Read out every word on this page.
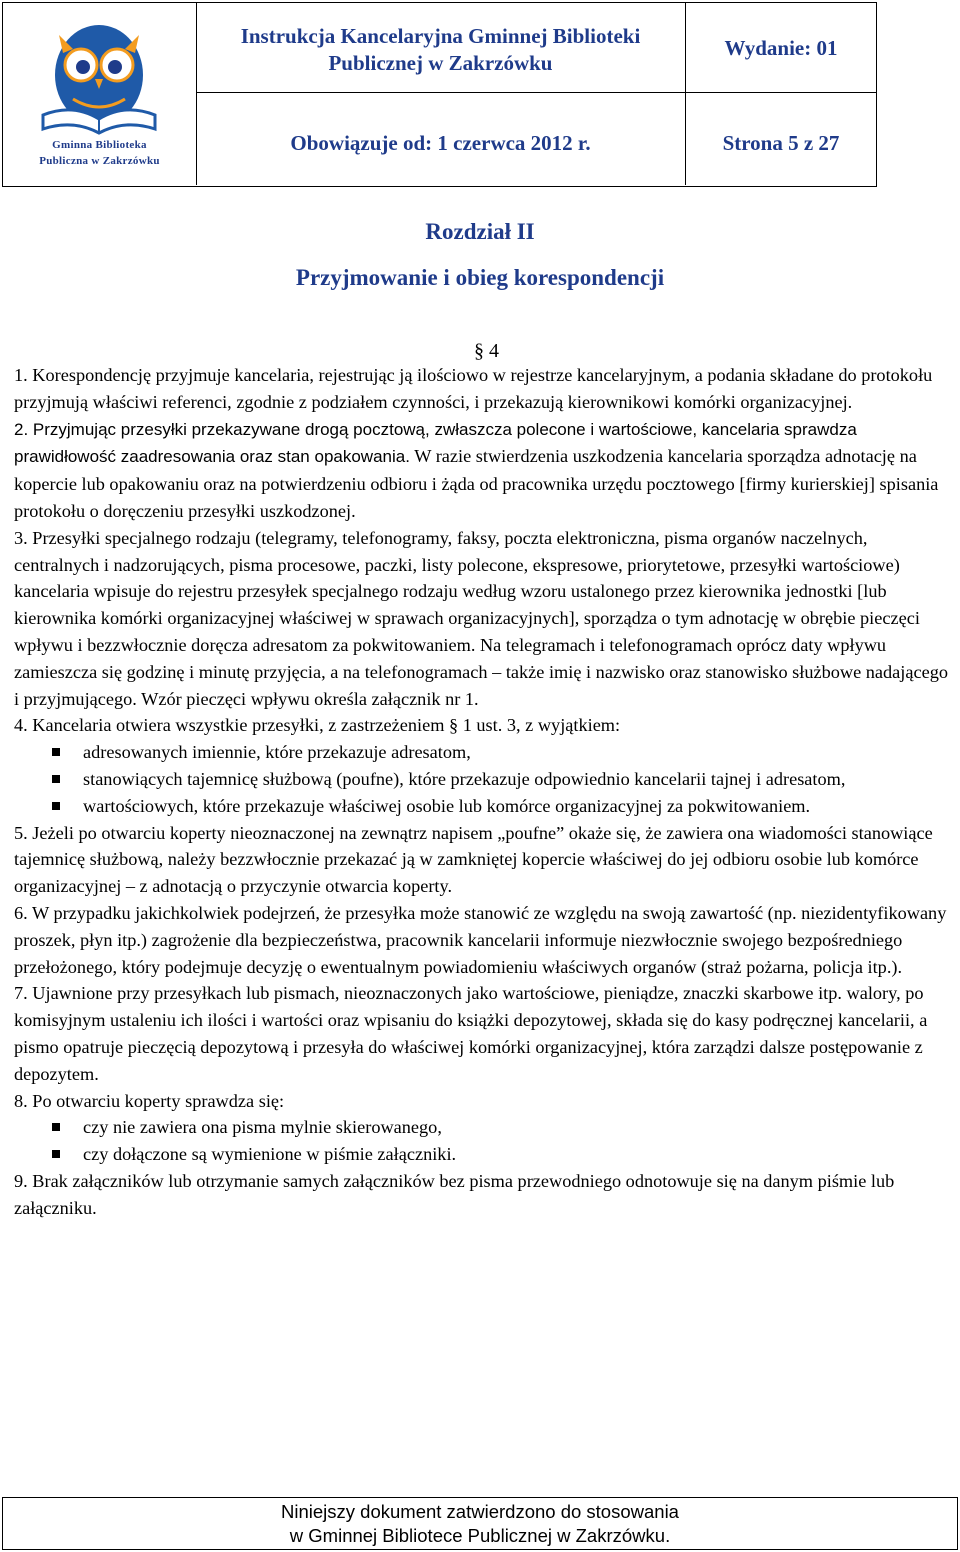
Gminna Biblioteka
Publiczna w Zakrzówku
Instrukcja Kancelaryjna Gminnej Biblioteki
Publicznej w Zakrzówku
Wydanie: 01
Obowiązuje od: 1 czerwca 2012 r.	Strona 5 z 27
Rozdział II
Przyjmowanie i obieg korespondencji
§ 4

1. Korespondencję przyjmuje kancelaria, rejestrując ją ilościowo w rejestrze kancelaryjnym, a podania składane do protokołu przyjmują właściwi referenci, zgodnie z podziałem czynności, i przekazują kierownikowi komórki organizacyjnej.

2. Przyjmując przesyłki przekazywane drogą pocztową, zwłaszcza polecone i wartościowe, kancelaria sprawdza prawidłowość zaadresowania oraz stan opakowania. W razie stwierdzenia uszkodzenia kancelaria sporządza adnotację na kopercie lub opakowaniu oraz na potwierdzeniu odbioru i żąda od pracownika urzędu pocztowego [firmy kurierskiej] spisania protokołu o doręczeniu przesyłki uszkodzonej.

3. Przesyłki specjalnego rodzaju (telegramy, telefonogramy, faksy, poczta elektroniczna, pisma organów naczelnych, centralnych i nadzorujących, pisma procesowe, paczki, listy polecone, ekspresowe, priorytetowe, przesyłki wartościowe) kancelaria wpisuje do rejestru przesyłek specjalnego rodzaju według wzoru ustalonego przez kierownika jednostki [lub kierownika komórki organizacyjnej właściwej w sprawach organizacyjnych], sporządza o tym adnotację w obrębie pieczęci wpływu i bezzwłocznie doręcza adresatom za pokwitowaniem. Na telegramach i telefonogramach oprócz daty wpływu zamieszcza się godzinę i minutę przyjęcia, a na telefonogramach – także imię i nazwisko oraz stanowisko służbowe nadającego i przyjmującego. Wzór pieczęci wpływu określa załącznik nr 1.

4. Kancelaria otwiera wszystkie przesyłki, z zastrzeżeniem § 1 ust. 3, z wyjątkiem:

adresowanych imiennie, które przekazuje adresatom,
stanowiących tajemnicę służbową (poufne), które przekazuje odpowiednio kancelarii tajnej i adresatom,
wartościowych, które przekazuje właściwej osobie lub komórce organizacyjnej za pokwitowaniem.

5. Jeżeli po otwarciu koperty nieoznaczonej na zewnątrz napisem „poufne” okaże się, że zawiera ona wiadomości stanowiące tajemnicę służbową, należy bezzwłocznie przekazać ją w zamkniętej kopercie właściwej do jej odbioru osobie lub komórce organizacyjnej – z adnotacją o przyczynie otwarcia koperty.

6. W przypadku jakichkolwiek podejrzeń, że przesyłka może stanowić ze względu na swoją zawartość (np. niezidentyfikowany proszek, płyn itp.) zagrożenie dla bezpieczeństwa, pracownik kancelarii informuje niezwłocznie swojego bezpośredniego przełożonego, który podejmuje decyzję o ewentualnym powiadomieniu właściwych organów (straż pożarna, policja itp.).

7. Ujawnione przy przesyłkach lub pismach, nieoznaczonych jako wartościowe, pieniądze, znaczki skarbowe itp. walory, po komisyjnym ustaleniu ich ilości i wartości oraz wpisaniu do książki depozytowej, składa się do kasy podręcznej kancelarii, a pismo opatruje pieczęcią depozytową i przesyła do właściwej komórki organizacyjnej, która zarządzi dalsze postępowanie z depozytem.

8. Po otwarciu koperty sprawdza się:

czy nie zawiera ona pisma mylnie skierowanego,
czy dołączone są wymienione w piśmie załączniki.

9. Brak załączników lub otrzymanie samych załączników bez pisma przewodniego odnotowuje się na danym piśmie lub załączniku.

Niniejszy dokument zatwierdzono do stosowania
w Gminnej Bibliotece Publicznej w Zakrzówku.
